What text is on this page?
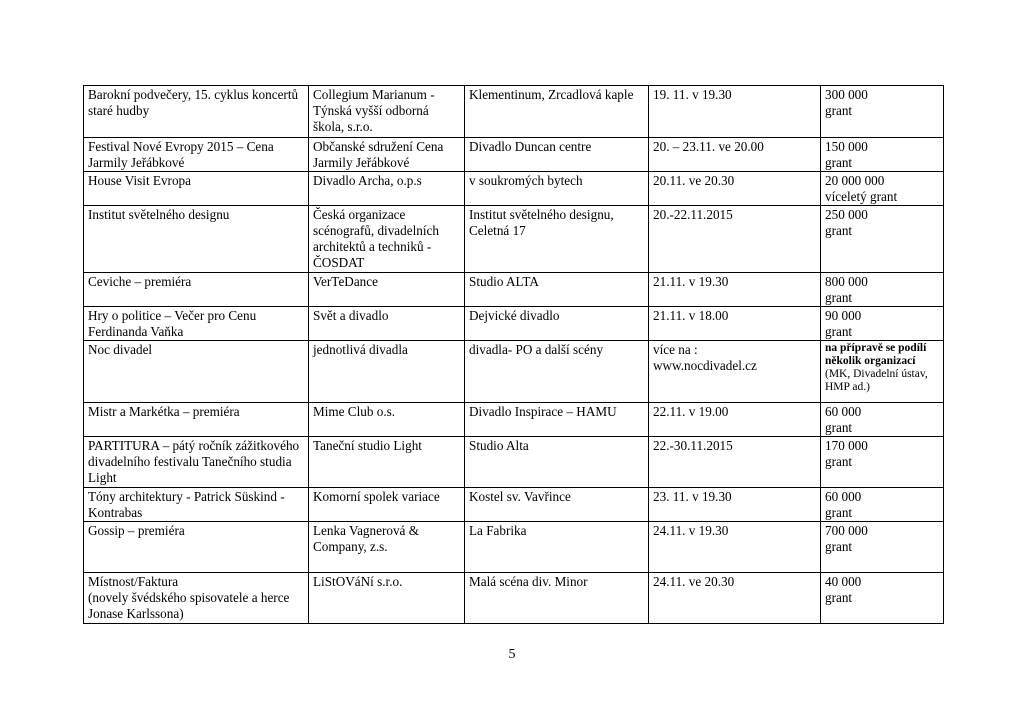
Barokní podvečery, 15. cyklus koncertů staré hudby	Collegium Marianum - Týnská vyšší odborná škola, s.r.o.	Klementinum, Zrcadlová kaple	19. 11. v 19.30	300 000
grant

Festival Nové Evropy 2015 – Cena Jarmily Jeřábkové	Občanské sdružení Cena Jarmily Jeřábkové	Divadlo Duncan centre	20. – 23.11. ve 20.00	150 000
grant

House Visit Evropa	Divadlo Archa, o.p.s	v soukromých bytech	20.11. ve 20.30	20 000 000
víceletý grant

Institut světelného designu	Česká organizace scénografů, divadelních architektů a techniků - ČOSDAT	Institut světelného designu, Celetná 17	20.-22.11.2015	250 000
grant

Ceviche – premiéra	VerTeDance	Studio ALTA	21.11. v 19.30	800 000
grant

Hry o politice – Večer pro Cenu Ferdinanda Vaňka	Svět a divadlo	Dejvické divadlo	21.11. v 18.00	90 000
grant

Noc divadel	jednotlivá divadla	divadla- PO a další scény	více na :
www.nocdivadel.cz	na přípravě se podílí několik organizací
(MK, Divadelní ústav, HMP ad.)

Mistr a Markétka – premiéra	Mime Club o.s.	Divadlo Inspirace – HAMU	22.11. v 19.00	60 000
grant

PARTITURA – pátý ročník zážitkového divadelního festivalu Tanečního studia Light	Taneční studio Light	Studio Alta	22.-30.11.2015	170 000
grant

Tóny architektury - Patrick Süskind - Kontrabas	Komorní spolek variace	Kostel sv. Vavřince	23. 11. v 19.30	60 000
grant

Gossip – premiéra	Lenka Vagnerová & Company, z.s.	La Fabrika	24.11. v 19.30	700 000
grant

Místnost/Faktura
(novely švédského spisovatele a herce Jonase Karlssona)	LiStOVáNí s.r.o.	Malá scéna div. Minor	24.11. ve 20.30	40 000
grant
5
